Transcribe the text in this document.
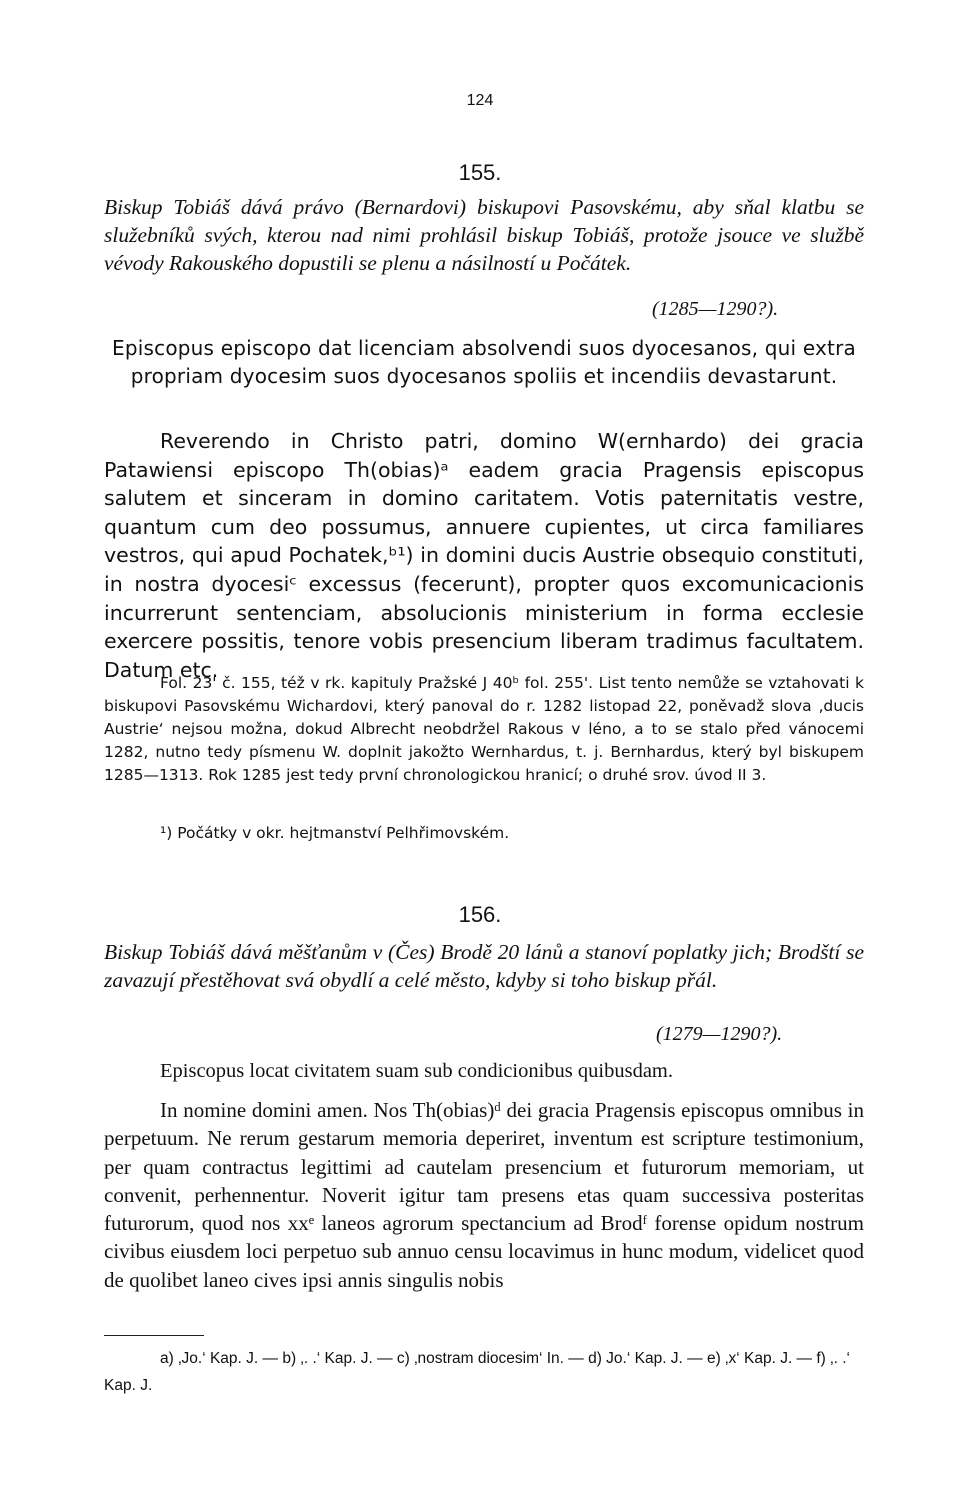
124
155.
Biskup Tobiáš dává právo (Bernardovi) biskupovi Pasovskému, aby sňal klatbu se služebníků svých, kterou nad nimi prohlásil biskup Tobiáš, protože jsouce ve službě vévody Rakouského dopustili se plenu a násilností u Počátek.
(1285—1290?).
Episcopus episcopo dat licenciam absolvendi suos dyocesanos, qui extra propriam dyocesim suos dyocesanos spoliis et incendiis devastarunt.
Reverendo in Christo patri, domino W(ernhardo) dei gracia Patawiensi episcopo Th(obias)ᵃ eadem gracia Pragensis episcopus salutem et sinceram in domino caritatem. Votis paternitatis vestre, quantum cum deo possumus, annuere cupientes, ut circa familiares vestros, qui apud Pochatek,ᵇ¹) in domini ducis Austrie obsequio constituti, in nostra dyocesiᶜ excessus (fecerunt), propter quos excomunicacionis incurrerunt sentenciam, absolucionis ministerium in forma ecclesie exercere possitis, tenore vobis presencium liberam tradimus facultatem. Datum etc.
Fol. 23' č. 155, též v rk. kapituly Pražské J 40ᵇ fol. 255'. List tento nemůže se vztahovati k biskupovi Pasovskému Wichardovi, který panoval do r. 1282 listopad 22, poněvadž slova ‚ducis Austrie‘ nejsou možna, dokud Albrecht neobdržel Rakous v léno, a to se stalo před vánocemi 1282, nutno tedy písmenu W. doplnit jakožto Wernhardus, t. j. Bernhardus, který byl biskupem 1285—1313. Rok 1285 jest tedy první chronologickou hranicí; o druhé srov. úvod II 3.
¹) Počátky v okr. hejtmanství Pelhřimovském.
156.
Biskup Tobiáš dává měšťanům v (Čes) Brodě 20 lánů a stanoví poplatky jich; Brodští se zavazují přestěhovat svá obydlí a celé město, kdyby si toho biskup přál.
(1279—1290?).
Episcopus locat civitatem suam sub condicionibus quibusdam.
In nomine domini amen. Nos Th(obias)ᵈ dei gracia Pragensis episcopus omnibus in perpetuum. Ne rerum gestarum memoria deperiret, inventum est scripture testimonium, per quam contractus legittimi ad cautelam presencium et futurorum memoriam, ut convenit, perhennentur. Noverit igitur tam presens etas quam successiva posteritas futurorum, quod nos xxᵉ laneos agrorum spectancium ad Brodᶠ forense opidum nostrum civibus eiusdem loci perpetuo sub annuo censu locavimus in hunc modum, videlicet quod de quolibet laneo cives ipsi annis singulis nobis
a) ‚Jo.‘ Kap. J. — b) ‚. .‘ Kap. J. — c) ‚nostram diocesim‘ In. — d) Jo.‘ Kap. J. — e) ‚x‘ Kap. J. — f) ‚. .‘ Kap. J.
